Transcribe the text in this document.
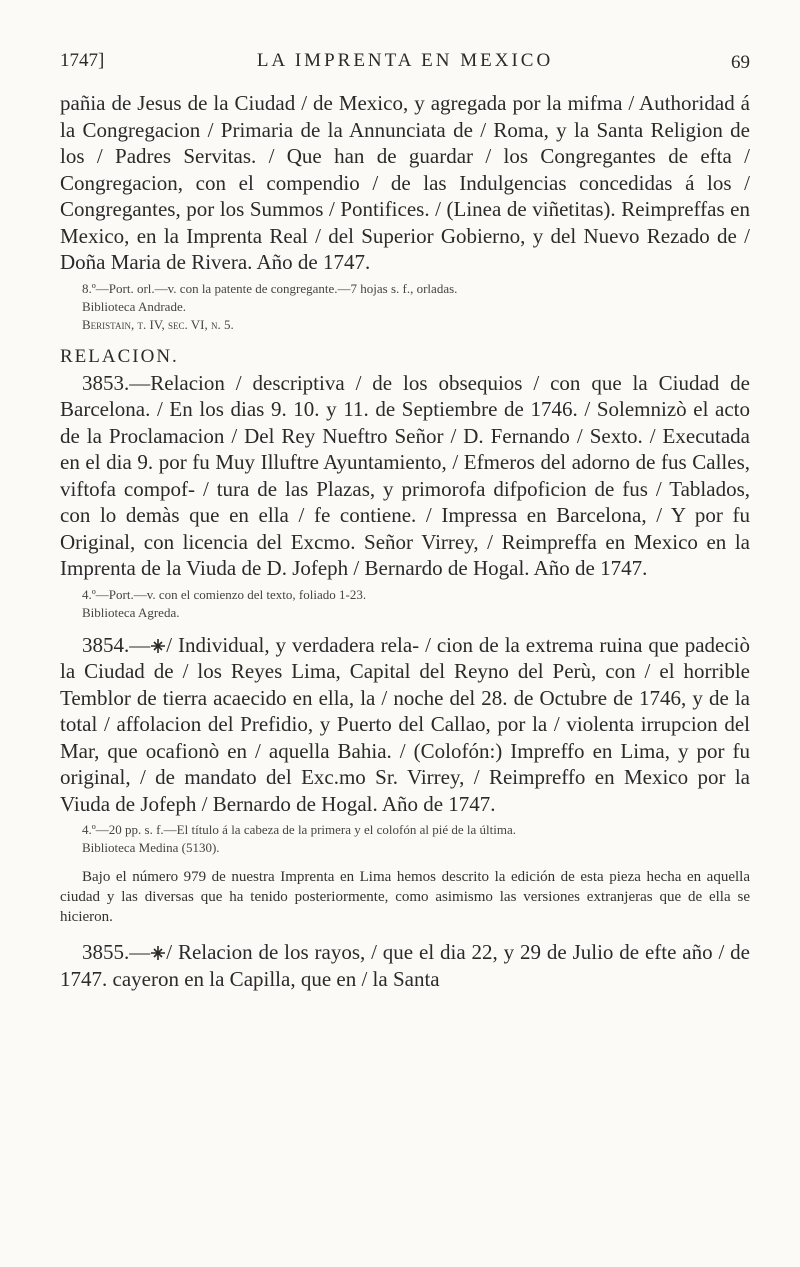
1747]	LA IMPRENTA EN MEXICO	69

pañia de Jesus de la Ciudad / de Mexico, y agregada por la mifma / Authoridad á la Congregacion / Primaria de la Annunciata de / Roma, y la Santa Religion de los / Padres Servitas. / Que han de guardar / los Congregantes de efta / Congregacion, con el compendio / de las Indulgencias concedidas á los / Congregantes, por los Summos / Pontifices. / (Linea de viñetitas). Reimpreffas en Mexico, en la Imprenta Real / del Superior Gobierno, y del Nuevo Rezado de / Doña Maria de Rivera. Año de 1747.

8.º—Port. orl.—v. con la patente de congregante.—7 hojas s. f., orladas.

Biblioteca Andrade.

Beristain, t. IV, sec. VI, n. 5.

RELACION.

3853.—Relacion / descriptiva / de los obsequios / con que la Ciudad de Barcelona. / En los dias 9. 10. y 11. de Septiembre de 1746. / Solemnizò el acto de la Proclamacion / Del Rey Nueftro Señor / D. Fernando / Sexto. / Executada en el dia 9. por fu Muy Illuftre Ayuntamiento, / Efmeros del adorno de fus Calles, viftofa compof- / tura de las Plazas, y primorofa difpoficion de fus / Tablados, con lo demàs que en ella / fe contiene. / Impressa en Barcelona, / Y por fu Original, con licencia del Excmo. Señor Virrey, / Reimpreffa en Mexico en la Imprenta de la Viuda de D. Jofeph / Bernardo de Hogal. Año de 1747.

4.º—Port.—v. con el comienzo del texto, foliado 1-23.

Biblioteca Agreda.

3854.— / Individual, y verdadera rela- / cion de la extrema ruina que padeciò la Ciudad de / los Reyes Lima, Capital del Reyno del Perù, con / el horrible Temblor de tierra acaecido en ella, la / noche del 28. de Octubre de 1746, y de la total / affolacion del Prefidio, y Puerto del Callao, por la / violenta irrupcion del Mar, que ocafionò en / aquella Bahia. / (Colofón:) Impreffo en Lima, y por fu original, / de mandato del Exc.mo Sr. Virrey, / Reimpreffo en Mexico por la Viuda de Jofeph / Bernardo de Hogal. Año de 1747.

4.º—20 pp. s. f.—El título á la cabeza de la primera y el colofón al pié de la última.

Biblioteca Medina (5130).

Bajo el número 979 de nuestra Imprenta en Lima hemos descrito la edición de esta pieza hecha en aquella ciudad y las diversas que ha tenido posteriormente, como asimismo las versiones extranjeras que de ella se hicieron.

3855.— / Relacion de los rayos, / que el dia 22, y 29 de Julio de efte año / de 1747. cayeron en la Capilla, que en / la Santa
